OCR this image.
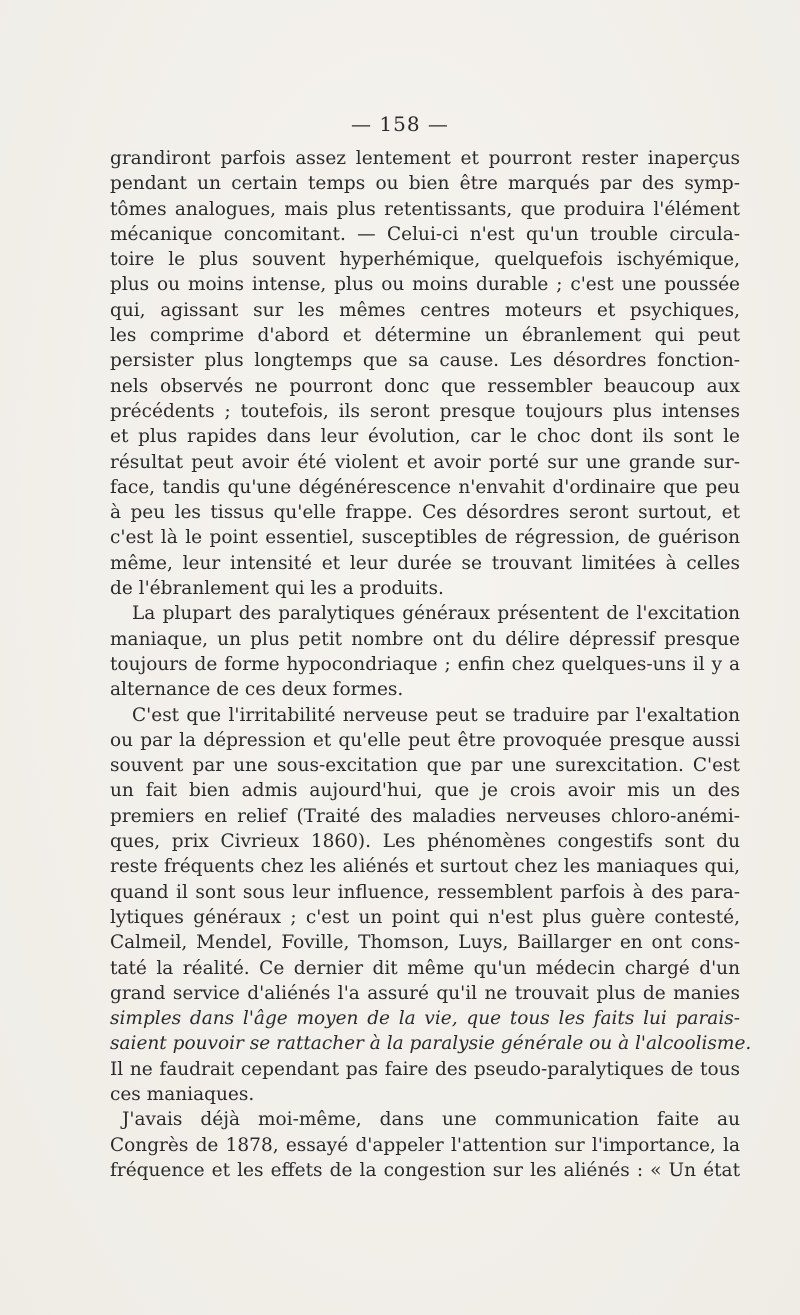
— 158 —
grandiront parfois assez lentement et pourront rester inaperçus
pendant un certain temps ou bien être marqués par des symp-
tômes analogues, mais plus retentissants, que produira l'élément
mécanique concomitant. — Celui-ci n'est qu'un trouble circula-
toire le plus souvent hyperhémique, quelquefois ischyémique,
plus ou moins intense, plus ou moins durable ; c'est une poussée
qui, agissant sur les mêmes centres moteurs et psychiques,
les comprime d'abord et détermine un ébranlement qui peut
persister plus longtemps que sa cause. Les désordres fonction-
nels observés ne pourront donc que ressembler beaucoup aux
précédents ; toutefois, ils seront presque toujours plus intenses
et plus rapides dans leur évolution, car le choc dont ils sont le
résultat peut avoir été violent et avoir porté sur une grande sur-
face, tandis qu'une dégénérescence n'envahit d'ordinaire que peu
à peu les tissus qu'elle frappe. Ces désordres seront surtout, et
c'est là le point essentiel, susceptibles de régression, de guérison
même, leur intensité et leur durée se trouvant limitées à celles
de l'ébranlement qui les a produits.
La plupart des paralytiques généraux présentent de l'excitation
maniaque, un plus petit nombre ont du délire dépressif presque
toujours de forme hypocondriaque ; enfin chez quelques-uns il y a
alternance de ces deux formes.
C'est que l'irritabilité nerveuse peut se traduire par l'exaltation
ou par la dépression et qu'elle peut être provoquée presque aussi
souvent par une sous-excitation que par une surexcitation. C'est
un fait bien admis aujourd'hui, que je crois avoir mis un des
premiers en relief (Traité des maladies nerveuses chloro-anémi-
ques, prix Civrieux 1860). Les phénomènes congestifs sont du
reste fréquents chez les aliénés et surtout chez les maniaques qui,
quand il sont sous leur influence, ressemblent parfois à des para-
lytiques généraux ; c'est un point qui n'est plus guère contesté,
Calmeil, Mendel, Foville, Thomson, Luys, Baillarger en ont cons-
taté la réalité. Ce dernier dit même qu'un médecin chargé d'un
grand service d'aliénés l'a assuré qu'il ne trouvait plus de manies
simples dans l'âge moyen de la vie, que tous les faits lui parais-
saient pouvoir se rattacher à la paralysie générale ou à l'alcoolisme.
Il ne faudrait cependant pas faire des pseudo-paralytiques de tous
ces maniaques.
J'avais déjà moi-même, dans une communication faite au
Congrès de 1878, essayé d'appeler l'attention sur l'importance, la
fréquence et les effets de la congestion sur les aliénés : « Un état
